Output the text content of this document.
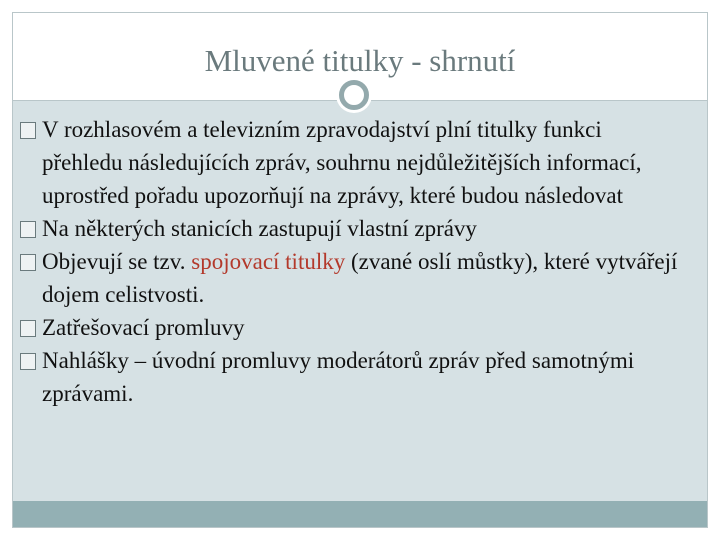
Mluvené titulky - shrnutí
V rozhlasovém a televizním zpravodajství plní titulky funkci přehledu následujících zpráv, souhrnu nejdůležitějších informací, uprostřed pořadu upozorňují na zprávy, které budou následovat
Na některých stanicích zastupují vlastní zprávy
Objevují se tzv. spojovací titulky (zvané oslí můstky), které vytvářejí dojem celistvosti.
Zatřešovací promluvy
Nahlášky – úvodní promluvy moderátorů zpráv před samotnými zprávami.
